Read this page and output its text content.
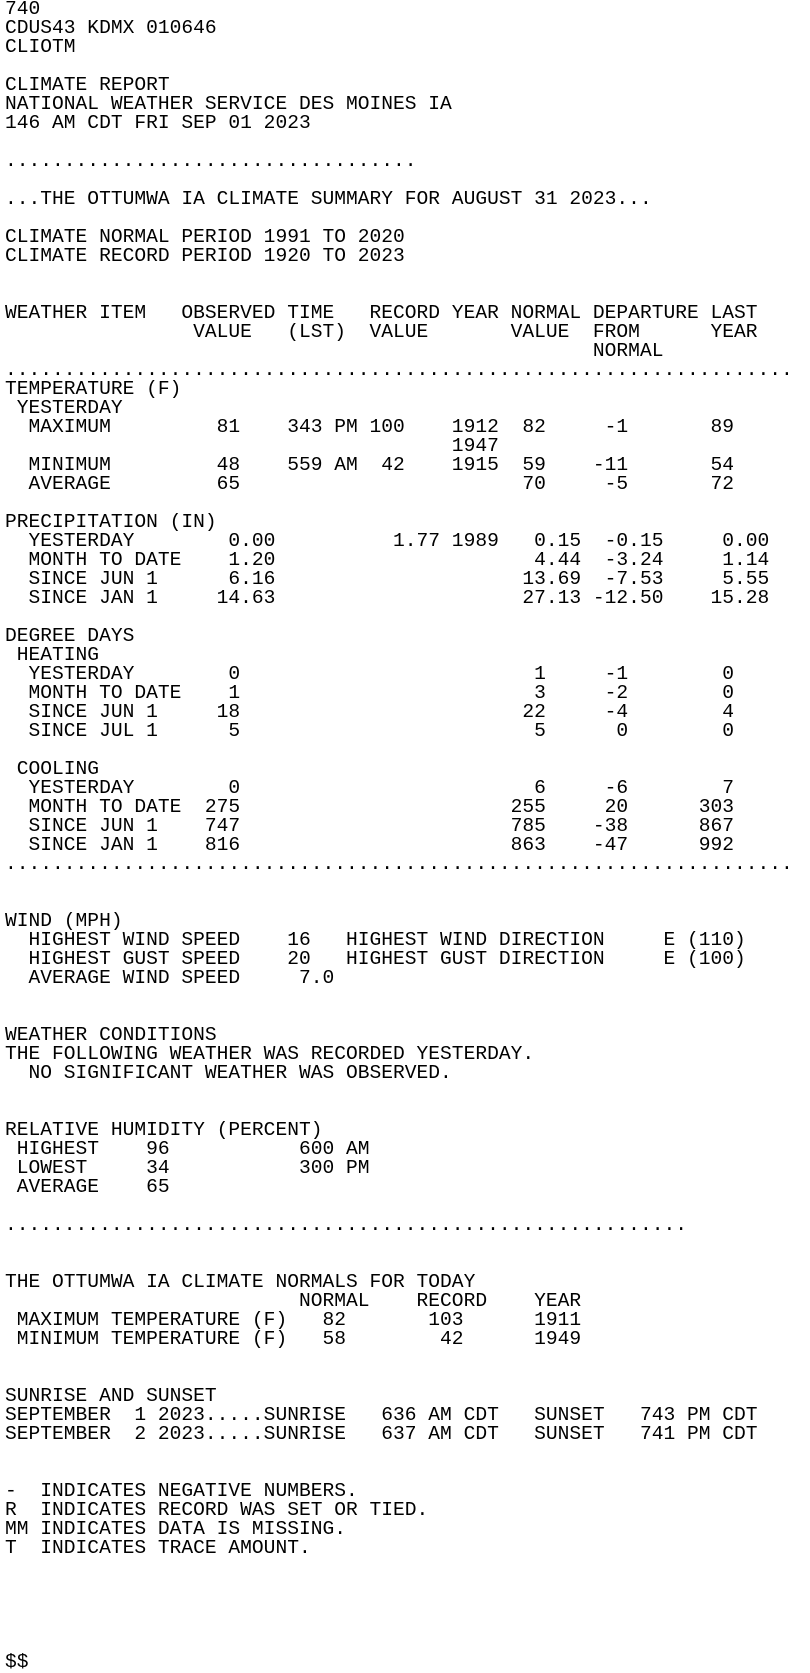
740
CDUS43 KDMX 010646
CLIOTM
CLIMATE REPORT
NATIONAL WEATHER SERVICE DES MOINES IA
146 AM CDT FRI SEP 01 2023
...................................
...THE OTTUMWA IA CLIMATE SUMMARY FOR AUGUST 31 2023...
CLIMATE NORMAL PERIOD 1991 TO 2020
CLIMATE RECORD PERIOD 1920 TO 2023
WEATHER ITEM   OBSERVED TIME   RECORD YEAR NORMAL DEPARTURE LAST
VALUE   (LST)  VALUE       VALUE  FROM      YEAR
NORMAL
...................................................................
TEMPERATURE (F)
YESTERDAY
MAXIMUM         81    343 PM 100    1912  82     -1       89
1947
MINIMUM         48    559 AM  42    1915  59    -11       54
AVERAGE         65                        70     -5       72
PRECIPITATION (IN)
YESTERDAY        0.00          1.77 1989   0.15  -0.15     0.00
MONTH TO DATE    1.20                      4.44  -3.24     1.14
SINCE JUN 1      6.16                     13.69  -7.53     5.55
SINCE JAN 1     14.63                     27.13 -12.50    15.28
DEGREE DAYS
HEATING
YESTERDAY        0                         1     -1        0
MONTH TO DATE    1                         3     -2        0
SINCE JUN 1     18                        22     -4        4
SINCE JUL 1      5                         5      0        0
COOLING
YESTERDAY        0                         6     -6        7
MONTH TO DATE  275                       255     20      303
SINCE JUN 1    747                       785    -38      867
SINCE JAN 1    816                       863    -47      992
...................................................................
WIND (MPH)
HIGHEST WIND SPEED    16   HIGHEST WIND DIRECTION     E (110)
HIGHEST GUST SPEED    20   HIGHEST GUST DIRECTION     E (100)
AVERAGE WIND SPEED     7.0
WEATHER CONDITIONS
THE FOLLOWING WEATHER WAS RECORDED YESTERDAY.
NO SIGNIFICANT WEATHER WAS OBSERVED.
RELATIVE HUMIDITY (PERCENT)
HIGHEST    96           600 AM
LOWEST     34           300 PM
AVERAGE    65
..........................................................
THE OTTUMWA IA CLIMATE NORMALS FOR TODAY
NORMAL    RECORD    YEAR
MAXIMUM TEMPERATURE (F)   82       103      1911
MINIMUM TEMPERATURE (F)   58        42      1949
SUNRISE AND SUNSET
SEPTEMBER  1 2023.....SUNRISE   636 AM CDT   SUNSET   743 PM CDT
SEPTEMBER  2 2023.....SUNRISE   637 AM CDT   SUNSET   741 PM CDT
-  INDICATES NEGATIVE NUMBERS.
R  INDICATES RECORD WAS SET OR TIED.
MM INDICATES DATA IS MISSING.
T  INDICATES TRACE AMOUNT.
$$
